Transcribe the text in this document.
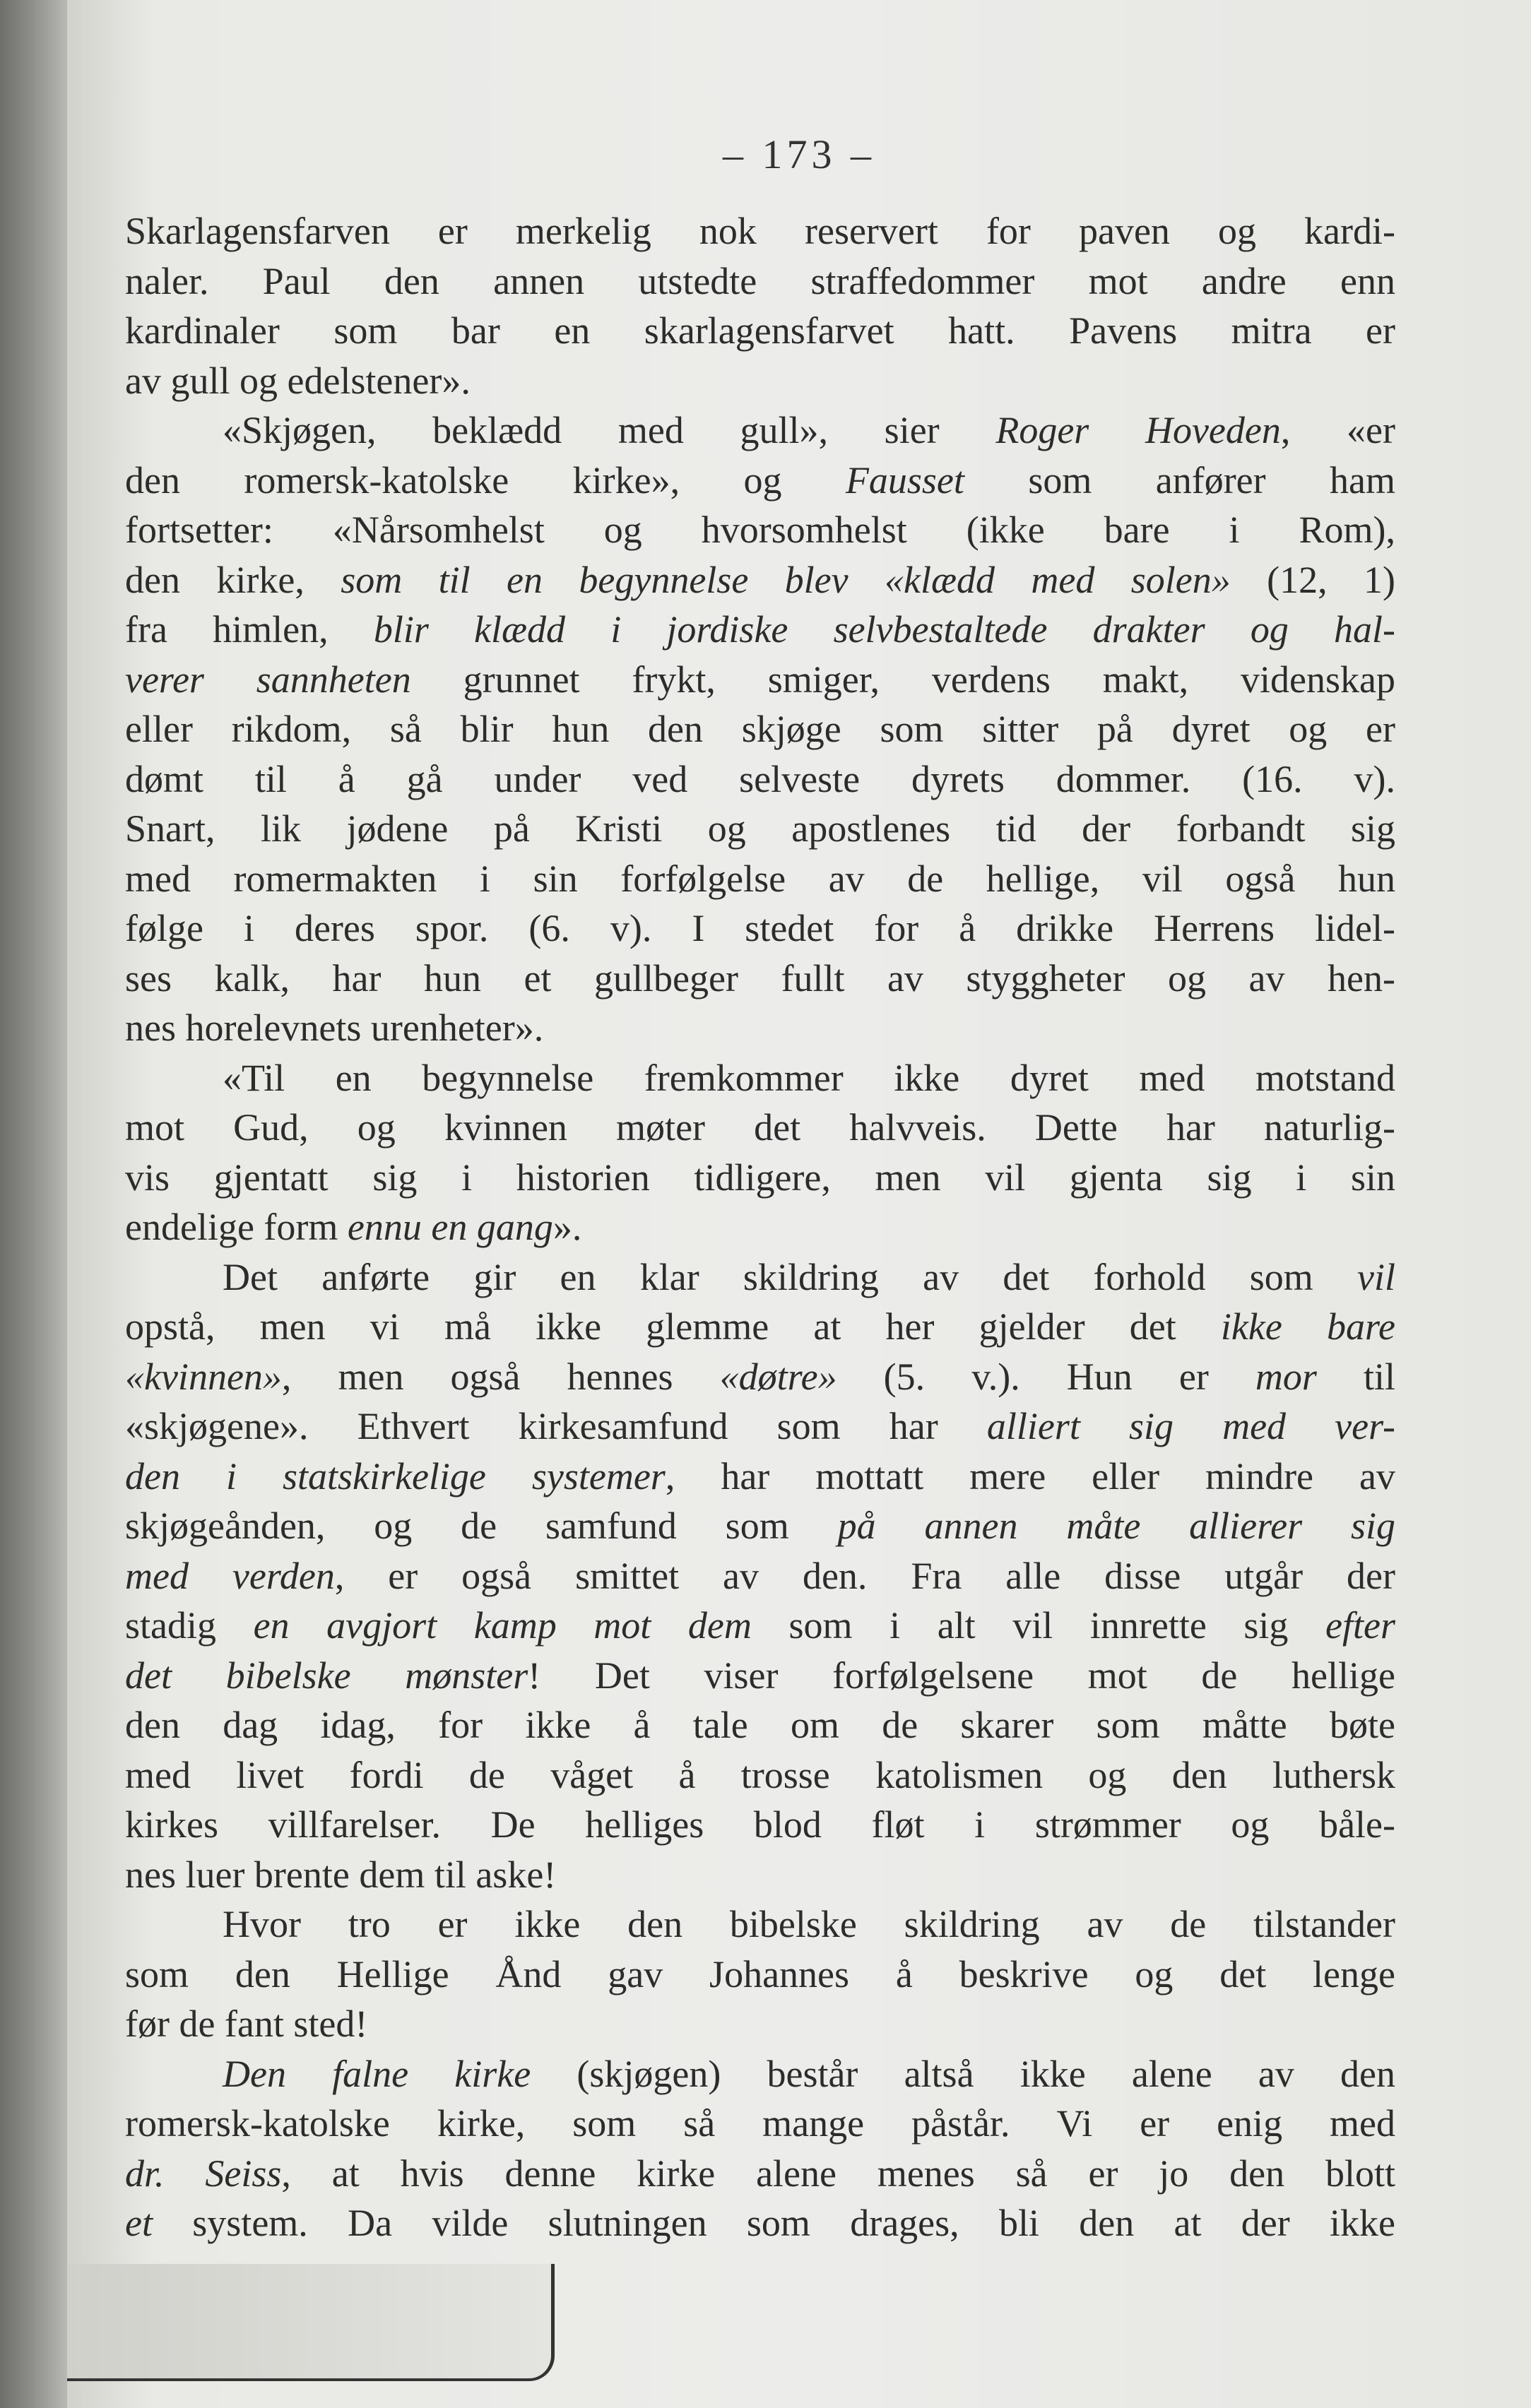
– 173 –
Skarlagensfarven er merkelig nok reservert for paven og kardi-
naler. Paul den annen utstedte straffedommer mot andre enn
kardinaler som bar en skarlagensfarvet hatt. Pavens mitra er
av gull og edelstener».
«Skjøgen, beklædd med gull», sier Roger Hoveden, «er
den romersk-katolske kirke», og Fausset som anfører ham
fortsetter: «Nårsomhelst og hvorsomhelst (ikke bare i Rom),
den kirke, som til en begynnelse blev «klædd med solen» (12, 1)
fra himlen, blir klædd i jordiske selvbestaltede drakter og hal-
verer sannheten grunnet frykt, smiger, verdens makt, videnskap
eller rikdom, så blir hun den skjøge som sitter på dyret og er
dømt til å gå under ved selveste dyrets dommer. (16. v).
Snart, lik jødene på Kristi og apostlenes tid der forbandt sig
med romermakten i sin forfølgelse av de hellige, vil også hun
følge i deres spor. (6. v). I stedet for å drikke Herrens lidel-
ses kalk, har hun et gullbeger fullt av styggheter og av hen-
nes horelevnets urenheter».
«Til en begynnelse fremkommer ikke dyret med motstand
mot Gud, og kvinnen møter det halvveis. Dette har naturlig-
vis gjentatt sig i historien tidligere, men vil gjenta sig i sin
endelige form ennu en gang».
Det anførte gir en klar skildring av det forhold som vil
opstå, men vi må ikke glemme at her gjelder det ikke bare
«kvinnen», men også hennes «døtre» (5. v.). Hun er mor til
«skjøgene». Ethvert kirkesamfund som har alliert sig med ver-
den i statskirkelige systemer, har mottatt mere eller mindre av
skjøgeånden, og de samfund som på annen måte allierer sig
med verden, er også smittet av den. Fra alle disse utgår der
stadig en avgjort kamp mot dem som i alt vil innrette sig efter
det bibelske mønster! Det viser forfølgelsene mot de hellige
den dag idag, for ikke å tale om de skarer som måtte bøte
med livet fordi de våget å trosse katolismen og den luthersk
kirkes villfarelser. De helliges blod fløt i strømmer og båle-
nes luer brente dem til aske!
Hvor tro er ikke den bibelske skildring av de tilstander
som den Hellige Ånd gav Johannes å beskrive og det lenge
før de fant sted!
Den falne kirke (skjøgen) består altså ikke alene av den
romersk-katolske kirke, som så mange påstår. Vi er enig med
dr. Seiss, at hvis denne kirke alene menes så er jo den blott
et system. Da vilde slutningen som drages, bli den at der ikke
